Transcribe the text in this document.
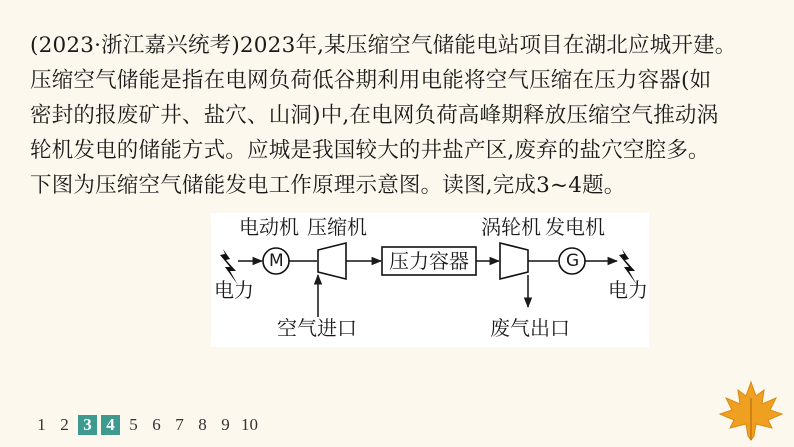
(2023·浙江嘉兴统考)2023年,某压缩空气储能电站项目在湖北应城开建。
压缩空气储能是指在电网负荷低谷期利用电能将空气压缩在压力容器(如
密封的报废矿井、盐穴、山洞)中,在电网负荷高峰期释放压缩空气推动涡
轮机发电的储能方式。应城是我国较大的井盐产区,废弃的盐穴空腔多。
下图为压缩空气储能发电工作原理示意图。读图,完成3~4题。
电动机 压缩机	涡轮机 发电机
M	G
压力容器
电力	电力
空气进口	废气出口
1 2 3 4 5 6 7 8 9 10
